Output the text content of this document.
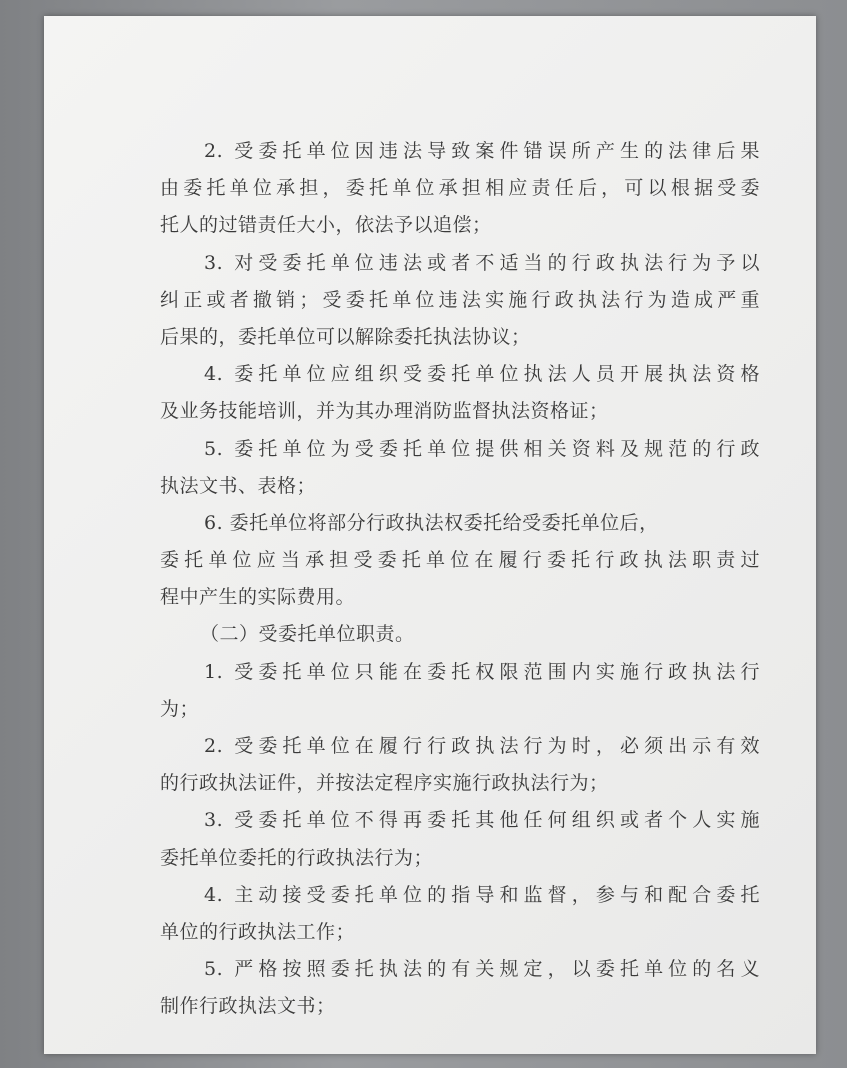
2. 受委托单位因违法导致案件错误所产生的法律后果
由委托单位承担，委托单位承担相应责任后，可以根据受委
托人的过错责任大小，依法予以追偿；
3. 对受委托单位违法或者不适当的行政执法行为予以
纠正或者撤销；受委托单位违法实施行政执法行为造成严重
后果的，委托单位可以解除委托执法协议；
4. 委托单位应组织受委托单位执法人员开展执法资格
及业务技能培训，并为其办理消防监督执法资格证；
5. 委托单位为受委托单位提供相关资料及规范的行政
执法文书、表格；
6. 委托单位将部分行政执法权委托给受委托单位后，
委托单位应当承担受委托单位在履行委托行政执法职责过
程中产生的实际费用。
（二）受委托单位职责。
1. 受委托单位只能在委托权限范围内实施行政执法行
为；
2. 受委托单位在履行行政执法行为时，必须出示有效
的行政执法证件，并按法定程序实施行政执法行为；
3. 受委托单位不得再委托其他任何组织或者个人实施
委托单位委托的行政执法行为；
4. 主动接受委托单位的指导和监督，参与和配合委托
单位的行政执法工作；
5. 严格按照委托执法的有关规定，以委托单位的名义
制作行政执法文书；
